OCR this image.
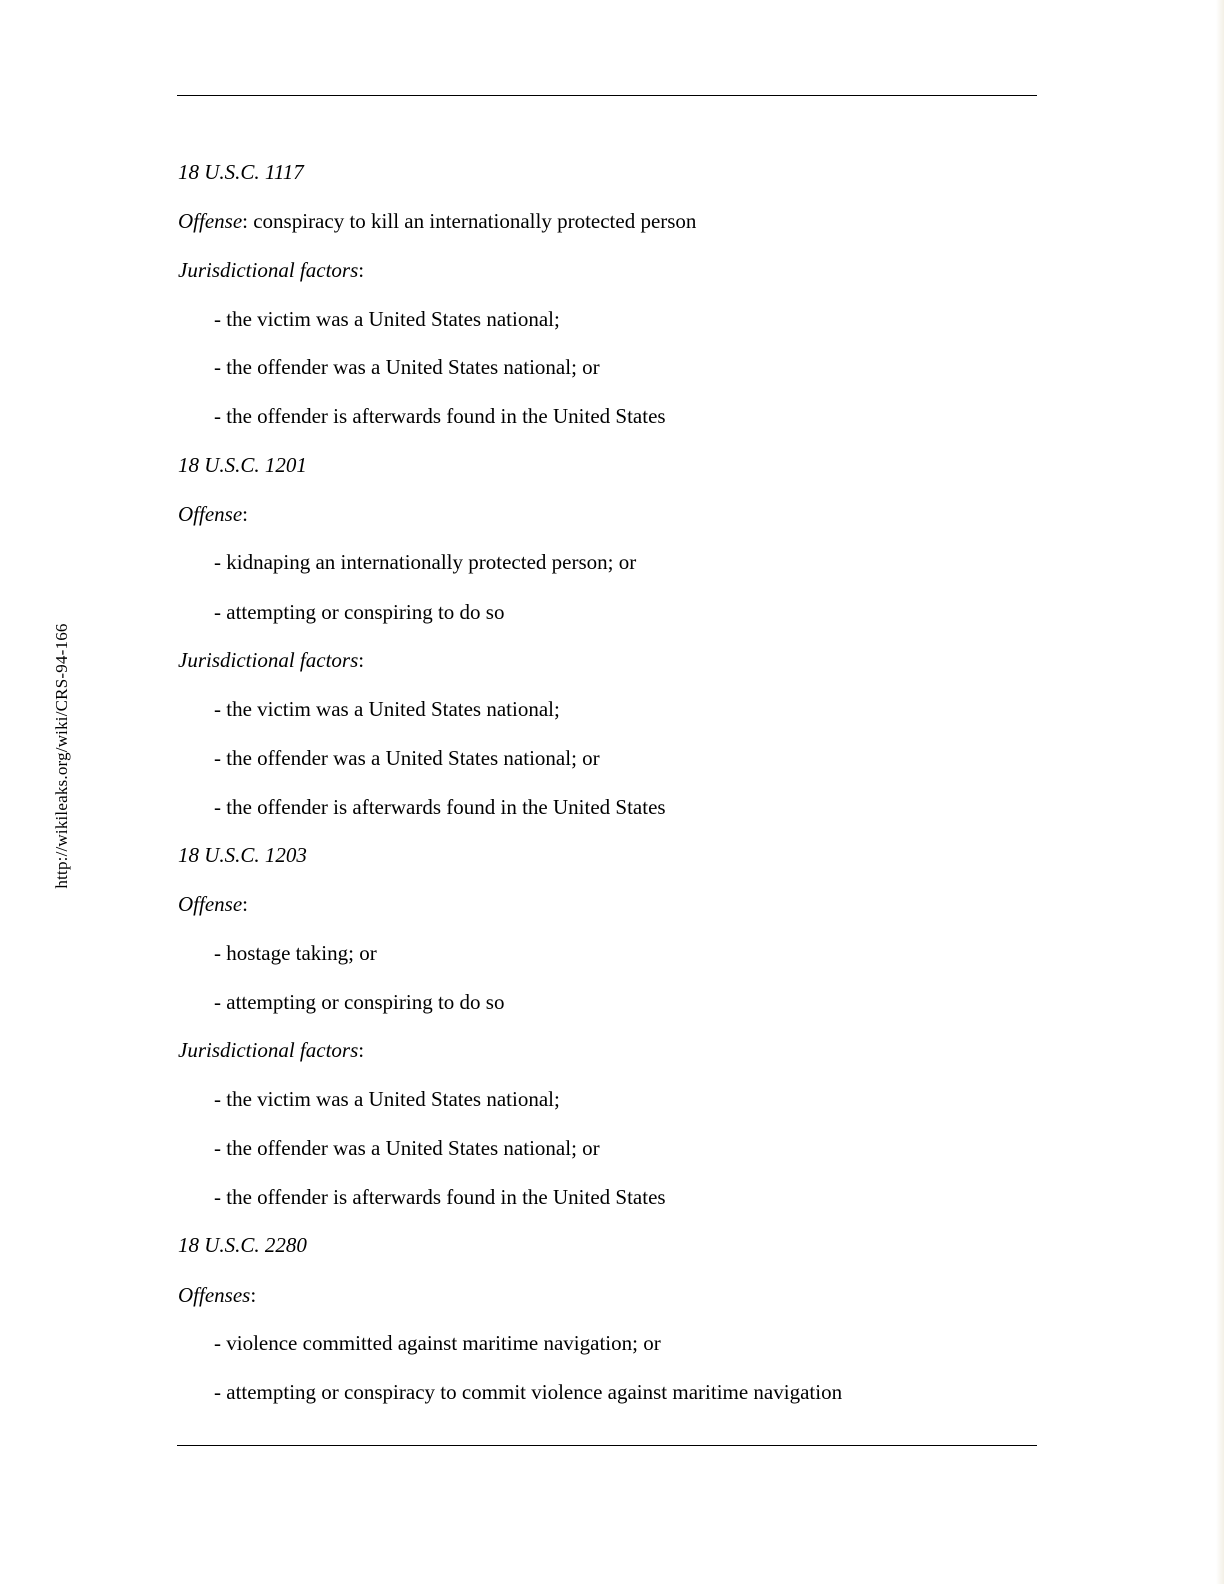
http://wikileaks.org/wiki/CRS-94-166
18 U.S.C. 1117
Offense: conspiracy to kill an internationally protected person
Jurisdictional factors:
- the victim was a United States national;
- the offender was a United States national; or
- the offender is afterwards found in the United States
18 U.S.C. 1201
Offense:
- kidnaping an internationally protected person; or
- attempting or conspiring to do so
Jurisdictional factors:
- the victim was a United States national;
- the offender was a United States national; or
- the offender is afterwards found in the United States
18 U.S.C. 1203
Offense:
- hostage taking; or
- attempting or conspiring to do so
Jurisdictional factors:
- the victim was a United States national;
- the offender was a United States national; or
- the offender is afterwards found in the United States
18 U.S.C. 2280
Offenses:
- violence committed against maritime navigation; or
- attempting or conspiracy to commit violence against maritime navigation
